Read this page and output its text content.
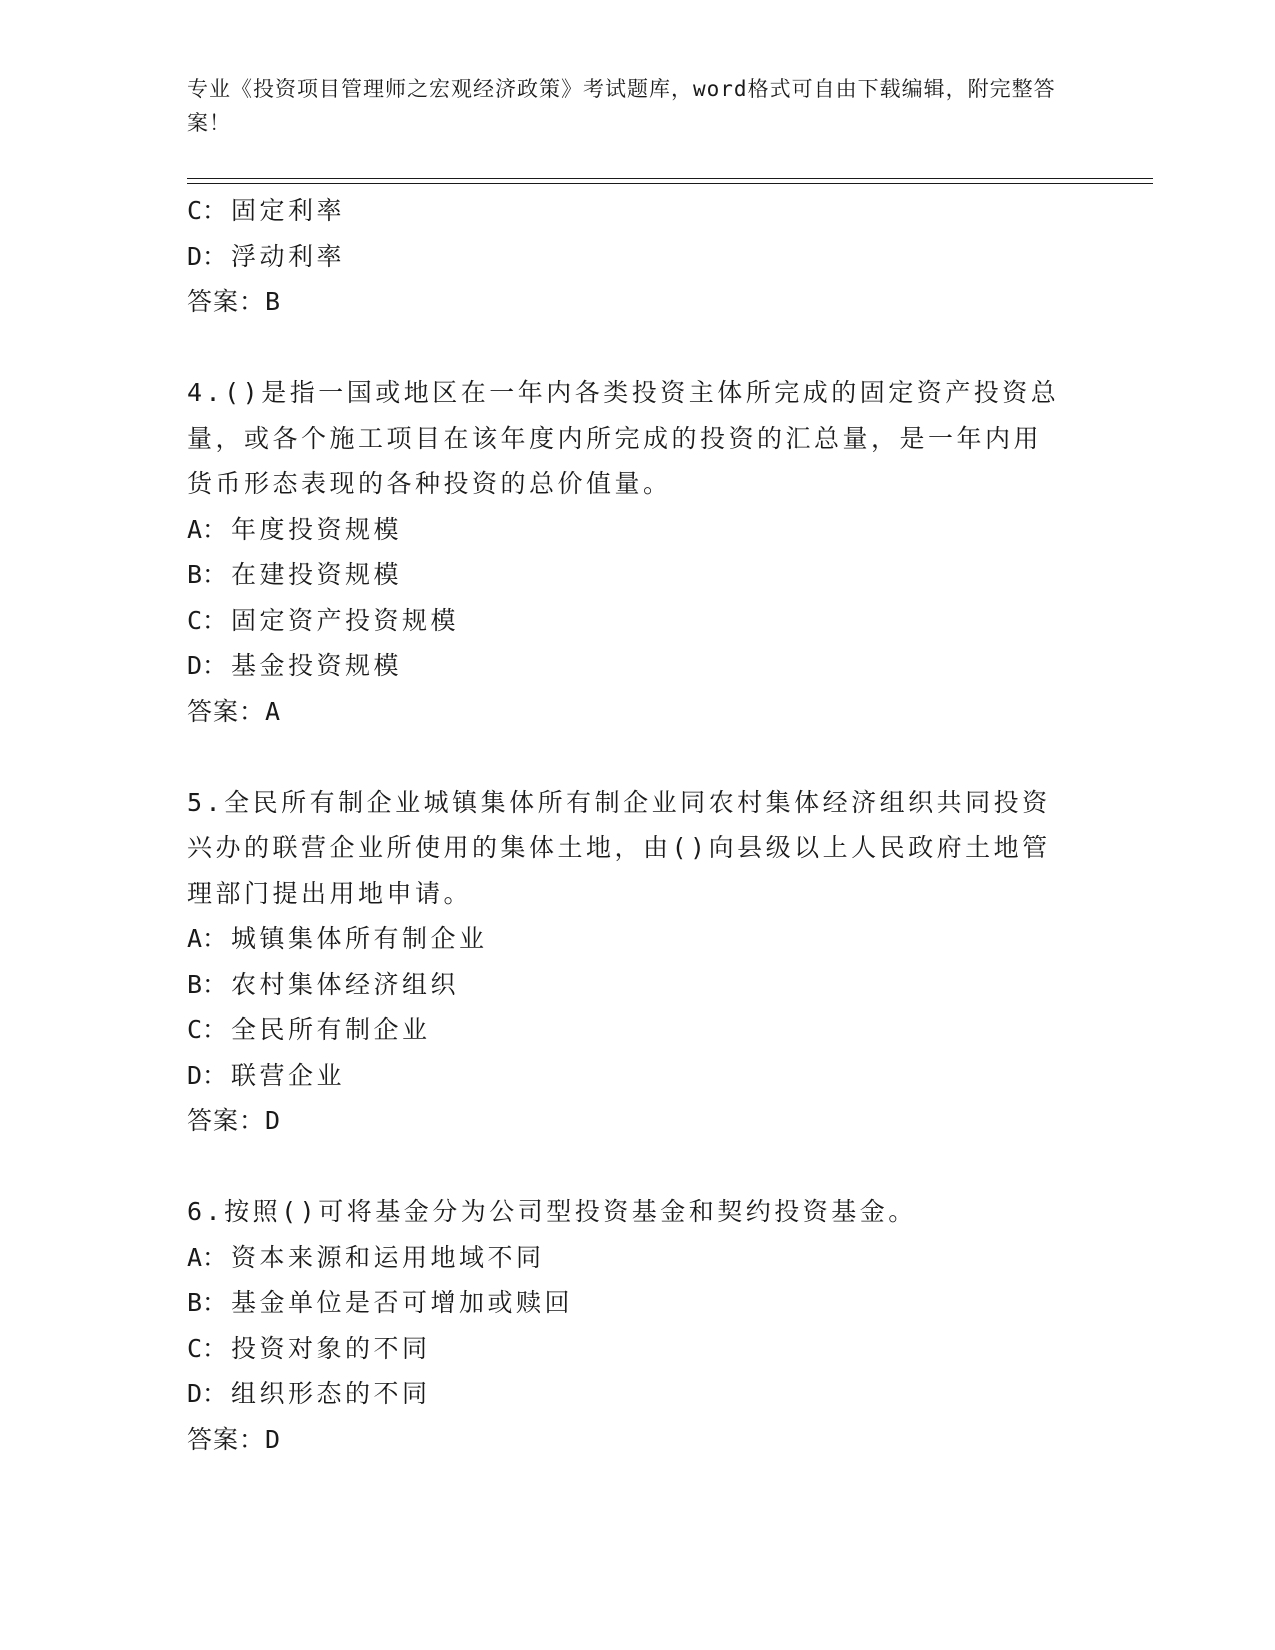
专业《投资项目管理师之宏观经济政策》考试题库，word格式可自由下载编辑，附完整答案！
C： 固定利率
D： 浮动利率
答案：B
4.()是指一国或地区在一年内各类投资主体所完成的固定资产投资总量，或各个施工项目在该年度内所完成的投资的汇总量，是一年内用货币形态表现的各种投资的总价值量。
A： 年度投资规模
B： 在建投资规模
C： 固定资产投资规模
D： 基金投资规模
答案：A
5.全民所有制企业城镇集体所有制企业同农村集体经济组织共同投资兴办的联营企业所使用的集体土地，由()向县级以上人民政府土地管理部门提出用地申请。
A： 城镇集体所有制企业
B： 农村集体经济组织
C： 全民所有制企业
D： 联营企业
答案：D
6.按照()可将基金分为公司型投资基金和契约投资基金。
A： 资本来源和运用地域不同
B： 基金单位是否可增加或赎回
C： 投资对象的不同
D： 组织形态的不同
答案：D
